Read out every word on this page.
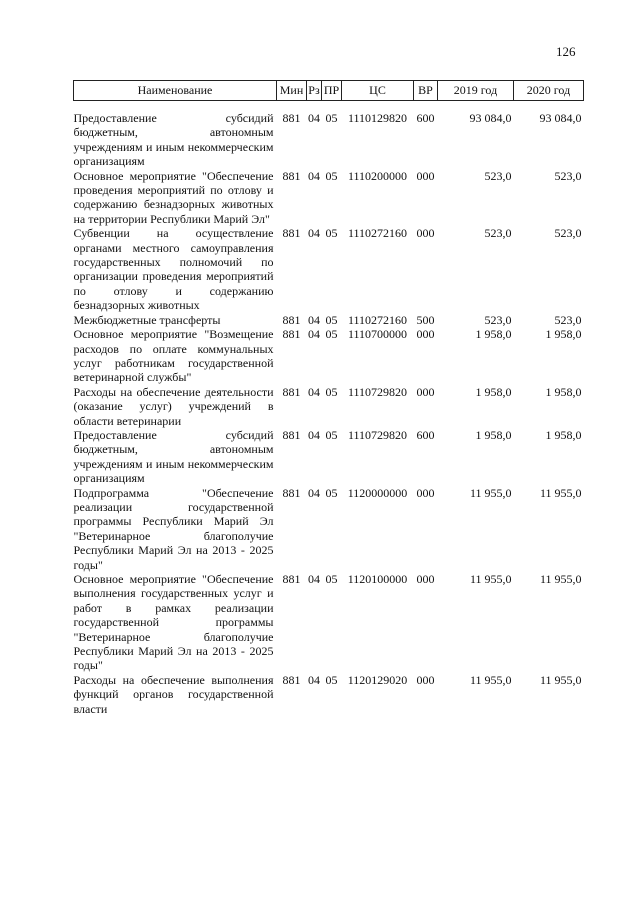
126
Наименование	Мин	Рз	ПР	ЦС	ВР	2019 год	2020 год
Предоставление субсидий бюджетным, автономным учреждениям и иным некоммерческим организациям	881	04	05	1110129820	600	93 084,0	93 084,0
Основное мероприятие "Обеспечение проведения мероприятий по отлову и содержанию безнадзорных животных на территории Республики Марий Эл"	881	04	05	1110200000	000	523,0	523,0
Субвенции на осуществление органами местного самоуправления государственных полномочий по организации проведения мероприятий по отлову и содержанию безнадзорных животных	881	04	05	1110272160	000	523,0	523,0
Межбюджетные трансферты	881	04	05	1110272160	500	523,0	523,0
Основное мероприятие "Возмещение расходов по оплате коммунальных услуг работникам государственной ветеринарной службы"	881	04	05	1110700000	000	1 958,0	1 958,0
Расходы на обеспечение деятельности (оказание услуг) учреждений в области ветеринарии	881	04	05	1110729820	000	1 958,0	1 958,0
Предоставление субсидий бюджетным, автономным учреждениям и иным некоммерческим организациям	881	04	05	1110729820	600	1 958,0	1 958,0
Подпрограмма "Обеспечение реализации государственной программы Республики Марий Эл "Ветеринарное благополучие Республики Марий Эл на 2013 - 2025 годы"	881	04	05	1120000000	000	11 955,0	11 955,0
Основное мероприятие "Обеспечение выполнения государственных услуг и работ в рамках реализации государственной программы "Ветеринарное благополучие Республики Марий Эл на 2013 - 2025 годы"	881	04	05	1120100000	000	11 955,0	11 955,0
Расходы на обеспечение выполнения функций органов государственной власти	881	04	05	1120129020	000	11 955,0	11 955,0
